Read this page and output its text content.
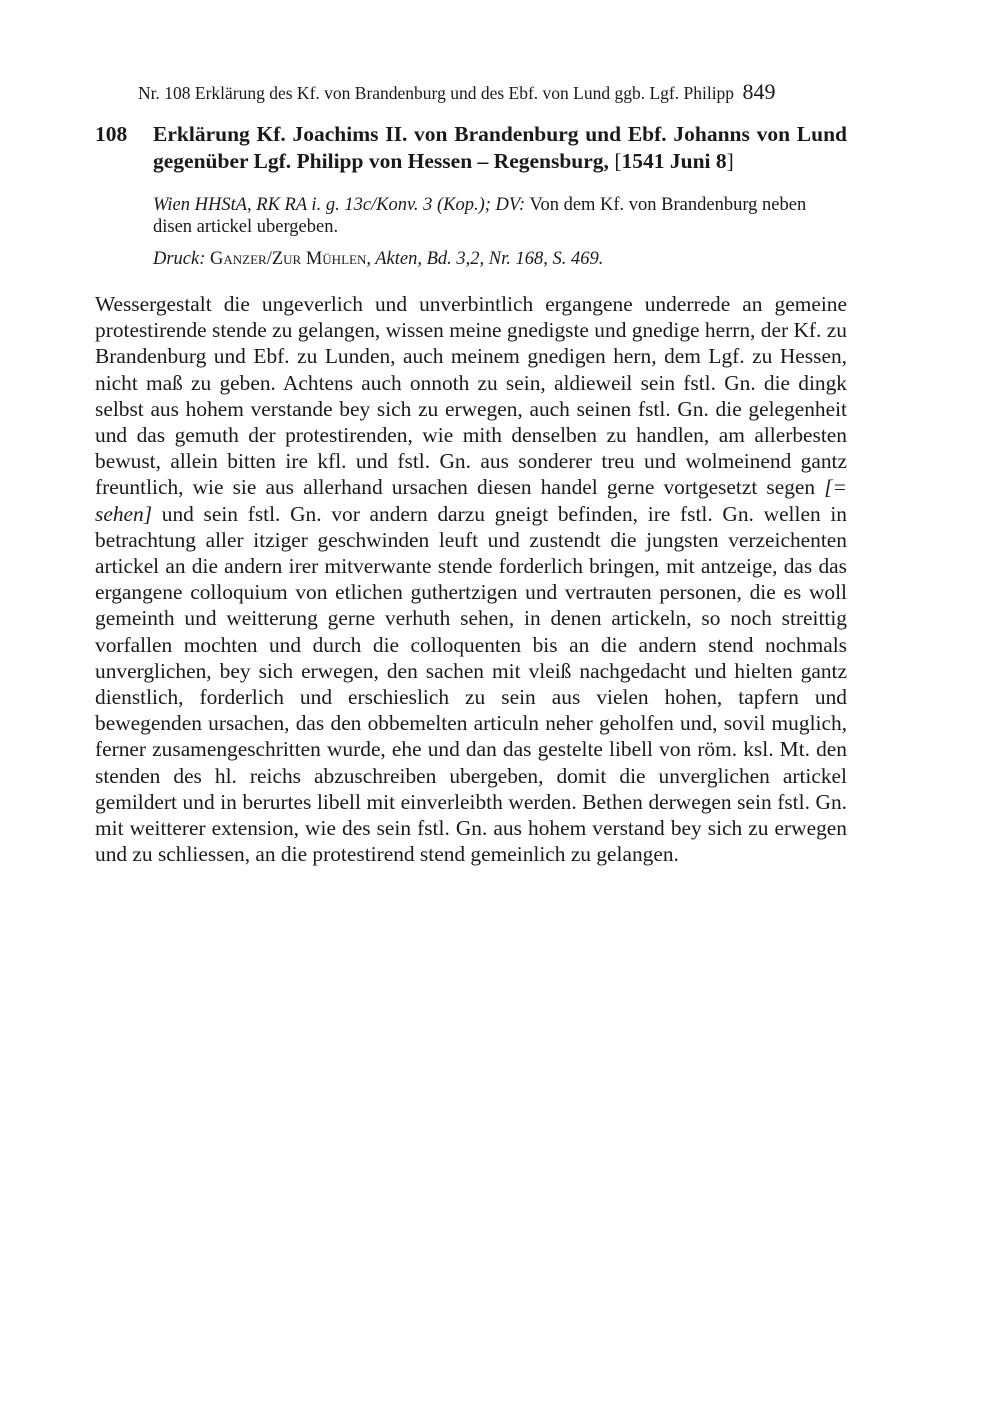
Nr. 108 Erklärung des Kf. von Brandenburg und des Ebf. von Lund ggb. Lgf. Philipp 849
108	Erklärung Kf. Joachims II. von Brandenburg und Ebf. Johanns von Lund gegenüber Lgf. Philipp von Hessen – Regensburg, [1541 Juni 8]
Wien HHStA, RK RA i. g. 13c/Konv. 3 (Kop.); DV: Von dem Kf. von Brandenburg neben disen artickel ubergeben.
Druck: Ganzer/Zur Mühlen, Akten, Bd. 3,2, Nr. 168, S. 469.
Wessergestalt die ungeverlich und unverbintlich ergangene underrede an gemeine protestirende stende zu gelangen, wissen meine gnedigste und gnedige herrn, der Kf. zu Brandenburg und Ebf. zu Lunden, auch meinem gnedigen hern, dem Lgf. zu Hessen, nicht maß zu geben. Achtens auch onnoth zu sein, aldieweil sein fstl. Gn. die dingk selbst aus hohem verstande bey sich zu erwegen, auch seinen fstl. Gn. die gelegenheit und das gemuth der protestirenden, wie mith denselben zu handlen, am allerbesten bewust, allein bitten ire kfl. und fstl. Gn. aus sonderer treu und wolmeinend gantz freuntlich, wie sie aus allerhand ursachen diesen handel gerne vortgesetzt segen [= sehen] und sein fstl. Gn. vor andern darzu gneigt befinden, ire fstl. Gn. wellen in betrachtung aller itziger geschwinden leuft und zustendt die jungsten verzeichenten artickel an die andern irer mitverwante stende forderlich bringen, mit antzeige, das das ergangene colloquium von etlichen guthertzigen und vertrauten personen, die es woll gemeinth und weitterung gerne verhuth sehen, in denen artickeln, so noch streittig vorfallen mochten und durch die colloquenten bis an die andern stend nochmals unverglichen, bey sich erwegen, den sachen mit vleiß nachgedacht und hielten gantz dienstlich, forderlich und erschieslich zu sein aus vielen hohen, tapfern und bewegenden ursachen, das den obbemelten articuln neher geholfen und, sovil muglich, ferner zusamengeschritten wurde, ehe und dan das gestelte libell von röm. ksl. Mt. den stenden des hl. reichs abzuschreiben ubergeben, domit die unverglichen artickel gemildert und in berurtes libell mit einverleibth werden. Bethen derwegen sein fstl. Gn. mit weitterer extension, wie des sein fstl. Gn. aus hohem verstand bey sich zu erwegen und zu schliessen, an die protestirend stend gemeinlich zu gelangen.
